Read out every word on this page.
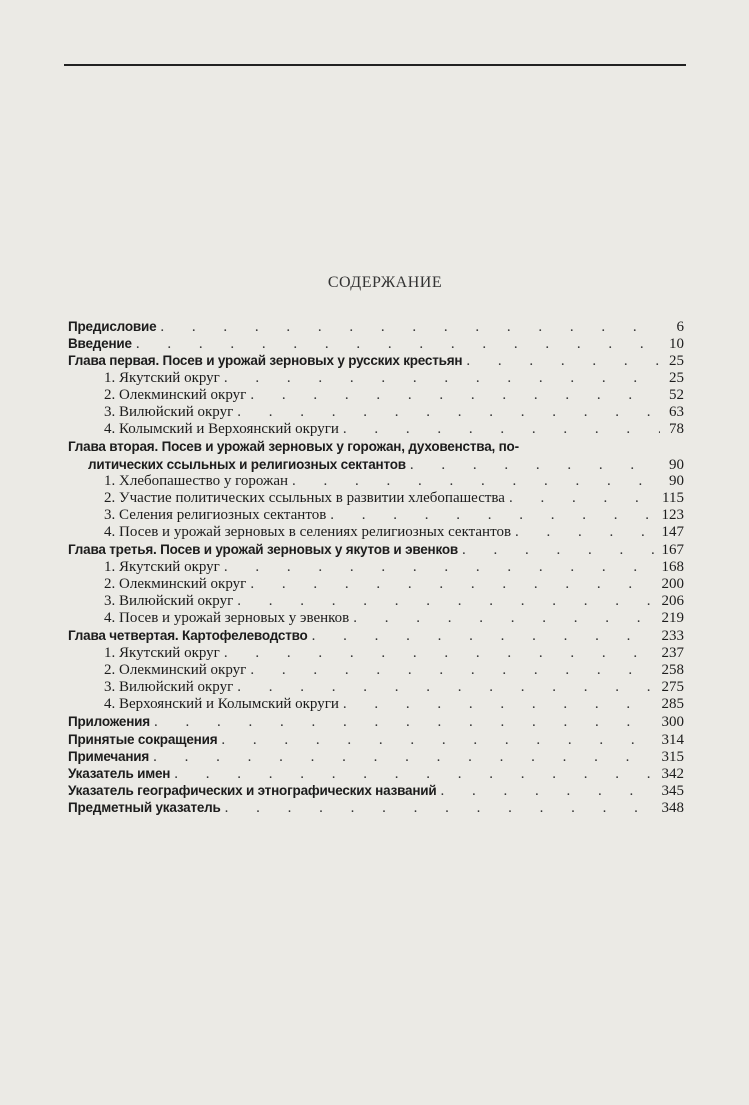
СОДЕРЖАНИЕ
Предисловие . . .	6
Введение . . .	10
Глава первая. Посев и урожай зерновых у русских крестьян . . .	25
1. Якутский округ . . .	25
2. Олекминский округ . . .	52
3. Вилюйский округ . . .	63
4. Колымский и Верхоянский округи . . .	78
Глава вторая. Посев и урожай зерновых у горожан, духовенства, по-
литических ссыльных и религиозных сектантов . . .	90
1. Хлебопашество у горожан . . .	90
2. Участие политических ссыльных в развитии хлебопашества . . .	115
3. Селения религиозных сектантов . . .	123
4. Посев и урожай зерновых в селениях религиозных сектантов . . .	147
Глава третья. Посев и урожай зерновых у якутов и эвенков . . .	167
1. Якутский округ . . .	168
2. Олекминский округ . . .	200
3. Вилюйский округ . . .	206
4. Посев и урожай зерновых у эвенков . . .	219
Глава четвертая. Картофелеводство . . .	233
1. Якутский округ . . .	237
2. Олекминский округ . . .	258
3. Вилюйский округ . . .	275
4. Верхоянский и Колымский округи . . .	285
Приложения . . .	300
Принятые сокращения . . .	314
Примечания . . .	315
Указатель имен . . .	342
Указатель географических и этнографических названий . . .	345
Предметный указатель . . .	348
